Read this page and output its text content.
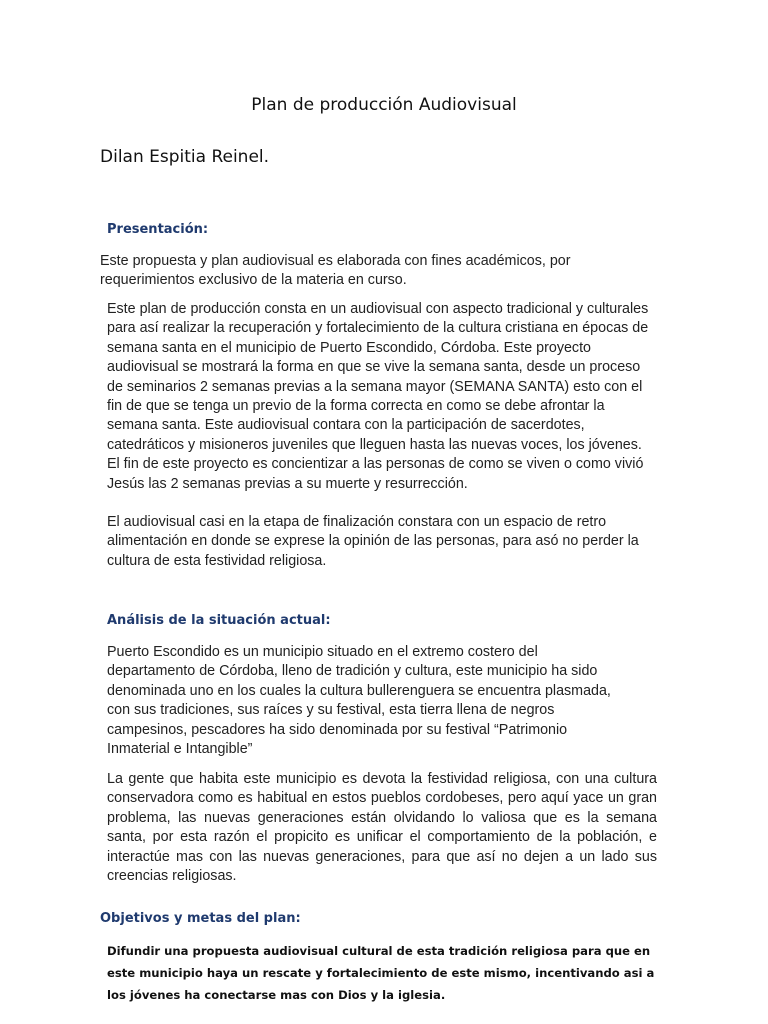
Plan de producción Audiovisual
Dilan Espitia Reinel.
Presentación:

Este propuesta y plan audiovisual es elaborada con fines académicos, por requerimientos exclusivo de la materia en curso.

Este plan de producción consta en un audiovisual con aspecto tradicional y culturales para así realizar la recuperación y fortalecimiento de la cultura cristiana en épocas de semana santa en el municipio de Puerto Escondido, Córdoba. Este proyecto audiovisual se mostrará la forma en que se vive la semana santa, desde un proceso de seminarios 2 semanas previas a la semana mayor (SEMANA SANTA) esto con el fin de que se tenga un previo de la forma correcta en como se debe afrontar la semana santa. Este audiovisual contara con la participación de sacerdotes, catedráticos y misioneros juveniles que lleguen hasta las nuevas voces, los jóvenes. El fin de este proyecto es concientizar a las personas de como se viven o como vivió Jesús las 2 semanas previas a su muerte y resurrección.

El audiovisual casi en la etapa de finalización constara con un espacio de retro alimentación en donde se exprese la opinión de las personas, para asó no perder la cultura de esta festividad religiosa.

Análisis de la situación actual:

Puerto Escondido es un municipio situado en el extremo costero del departamento de Córdoba, lleno de tradición y cultura, este municipio ha sido denominada uno en los cuales la cultura bullerenguera se encuentra plasmada, con sus tradiciones, sus raíces y su festival, esta tierra llena de negros campesinos, pescadores ha sido denominada por su festival “Patrimonio Inmaterial e Intangible”

La gente que habita este municipio es devota la festividad religiosa, con una cultura conservadora como es habitual en estos pueblos cordobeses, pero aquí yace un gran problema, las nuevas generaciones están olvidando lo valiosa que es la semana santa, por esta razón el propicito es unificar el comportamiento de la población, e interactúe mas con las nuevas generaciones, para que así no dejen a un lado sus creencias religiosas.

Objetivos y metas del plan:

Difundir una propuesta audiovisual cultural de esta tradición religiosa para que en este municipio haya un rescate y fortalecimiento de este mismo, incentivando asi a los jóvenes ha conectarse mas con Dios y la iglesia.
